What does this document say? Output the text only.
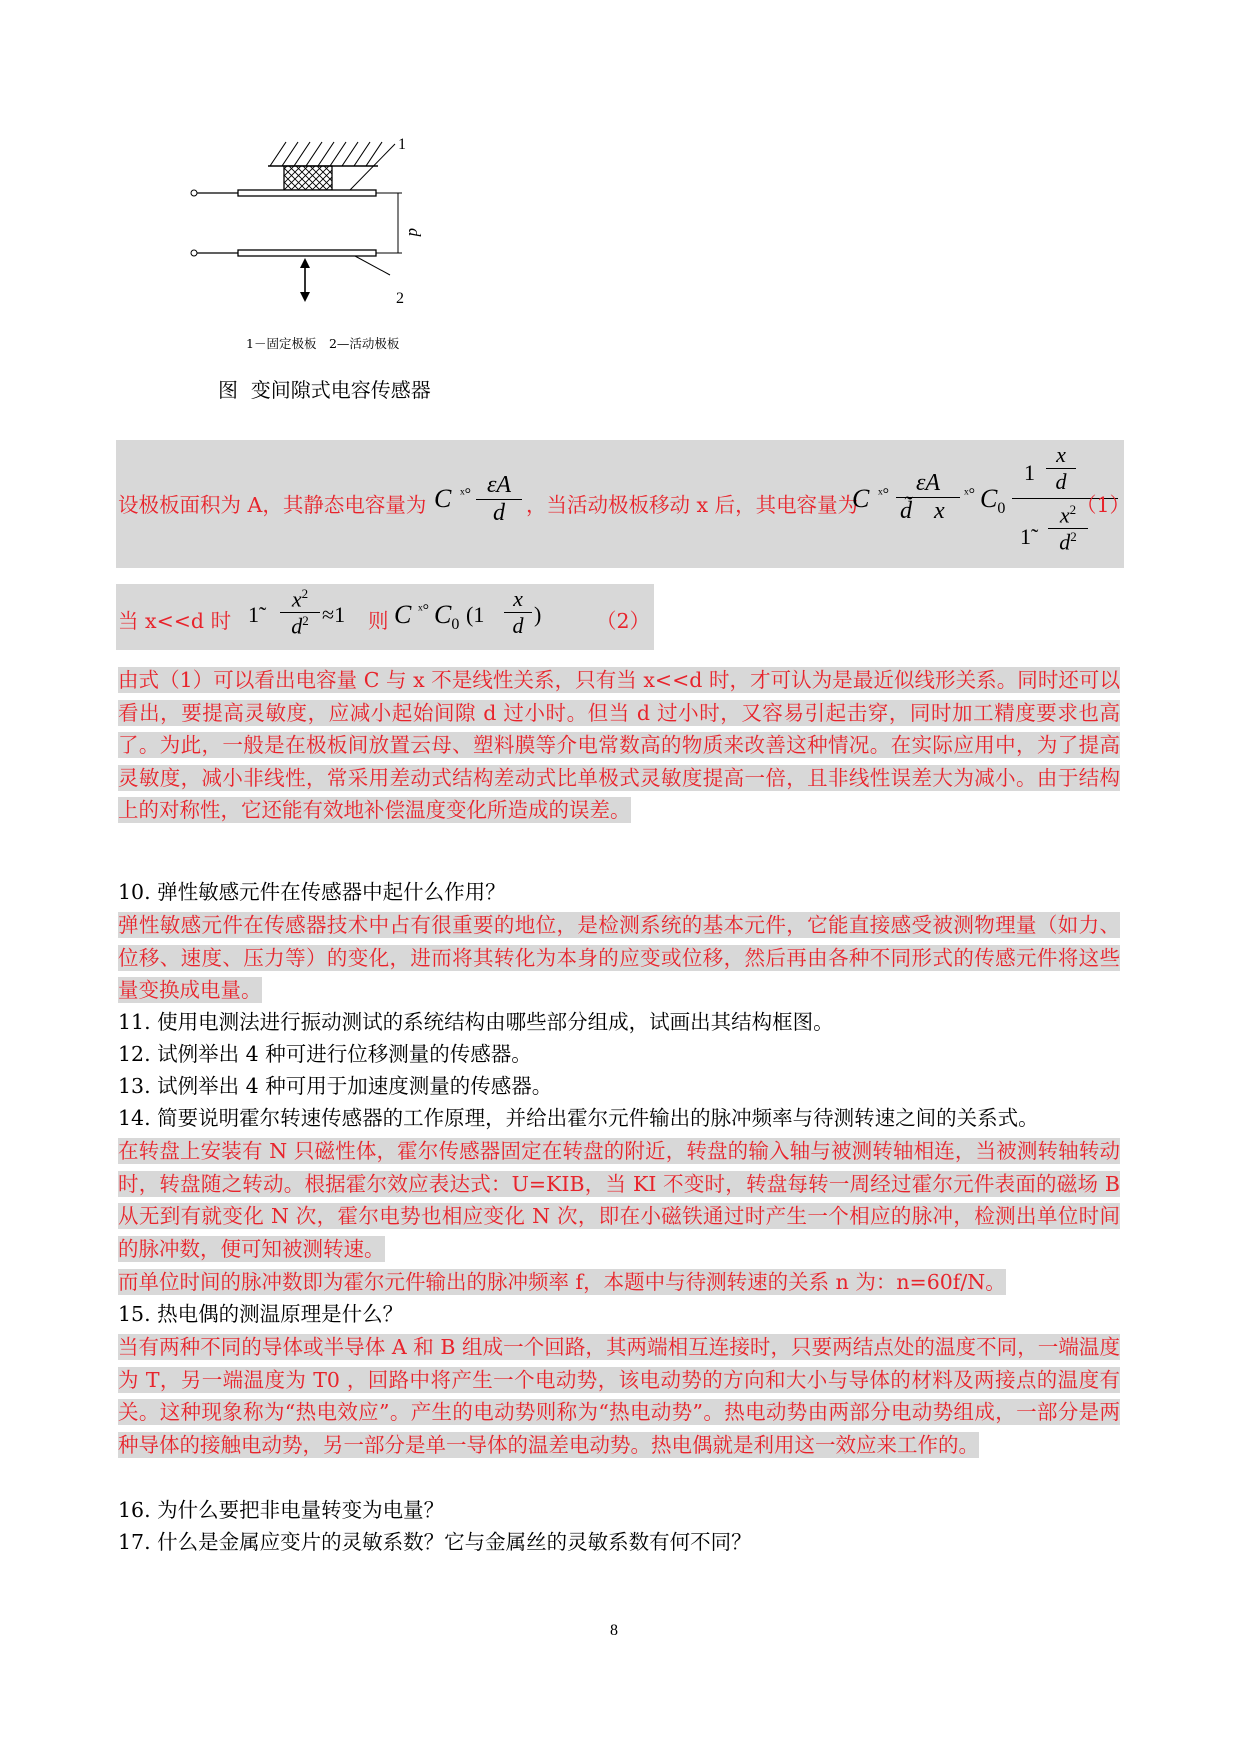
1
2
d
1－固定极板　2—活动极板
图  变间隙式电容传感器
设极板面积为 A，其静态电容量为 C ˣ° $\frac{\varepsilon A}{d}$ ，当活动极板移动 x 后，其电容量为
C ˣ°	εA
d̃ x
ˣ° $C_0$
$1 \frac{x}{d}$
1̃ $\frac{x^2}{d^2}$
（1）
当 x<<d 时 1̃ $\frac{x^2}{d^2} \approx 1$ 则 C ˣ° $C_0$ ($1 \frac{x}{d}$ )	（2）

由式（1）可以看出电容量 C 与 x 不是线性关系，只有当 x<<d 时，才可认为是最近似线形关系。同时还可以看出，要提高灵敏度，应减小起始间隙 d 过小时。但当 d 过小时，又容易引起击穿，同时加工精度要求也高了。为此，一般是在极板间放置云母、塑料膜等介电常数高的物质来改善这种情况。在实际应用中，为了提高灵敏度，减小非线性，常采用差动式结构差动式比单极式灵敏度提高一倍，且非线性误差大为减小。由于结构上的对称性，它还能有效地补偿温度变化所造成的误差。

10. 弹性敏感元件在传感器中起什么作用？

弹性敏感元件在传感器技术中占有很重要的地位，是检测系统的基本元件，它能直接感受被测物理量（如力、位移、速度、压力等）的变化，进而将其转化为本身的应变或位移，然后再由各种不同形式的传感元件将这些量变换成电量。

11. 使用电测法进行振动测试的系统结构由哪些部分组成，试画出其结构框图。

12. 试例举出 4 种可进行位移测量的传感器。

13. 试例举出 4 种可用于加速度测量的传感器。

14. 简要说明霍尔转速传感器的工作原理，并给出霍尔元件输出的脉冲频率与待测转速之间的关系式。

在转盘上安装有 N 只磁性体，霍尔传感器固定在转盘的附近，转盘的输入轴与被测转轴相连，当被测转轴转动时，转盘随之转动。根据霍尔效应表达式：U=KIB，当 KI 不变时，转盘每转一周经过霍尔元件表面的磁场 B 从无到有就变化 N 次，霍尔电势也相应变化 N 次，即在小磁铁通过时产生一个相应的脉冲，检测出单位时间的脉冲数，便可知被测转速。

而单位时间的脉冲数即为霍尔元件输出的脉冲频率 f，本题中与待测转速的关系 n 为：n=60f/N。

15. 热电偶的测温原理是什么？

当有两种不同的导体或半导体 A 和 B 组成一个回路，其两端相互连接时，只要两结点处的温度不同，一端温度为 T，另一端温度为 T0 ，回路中将产生一个电动势，该电动势的方向和大小与导体的材料及两接点的温度有关。这种现象称为“热电效应”。产生的电动势则称为“热电动势”。热电动势由两部分电动势组成，一部分是两种导体的接触电动势，另一部分是单一导体的温差电动势。热电偶就是利用这一效应来工作的。

16. 为什么要把非电量转变为电量？

17. 什么是金属应变片的灵敏系数？它与金属丝的灵敏系数有何不同？

8
